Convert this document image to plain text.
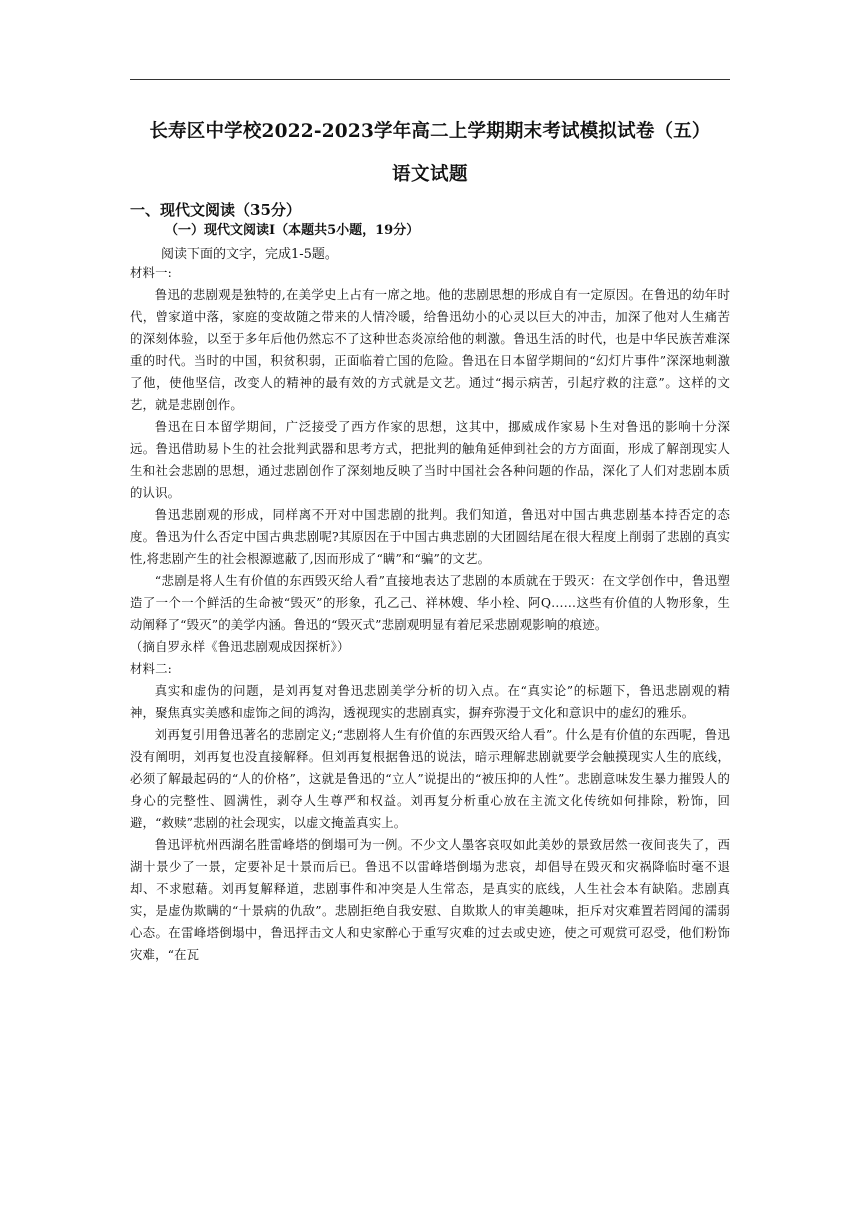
长寿区中学校2022-2023学年高二上学期期末考试模拟试卷（五）
语文试题
一、现代文阅读（35分）
（一）现代文阅读Ⅰ（本题共5小题，19分）
阅读下面的文字，完成1-5题。

材料一:

鲁迅的悲剧观是独特的,在美学史上占有一席之地。他的悲剧思想的形成自有一定原因。在鲁迅的幼年时代，曾家道中落，家庭的变故随之带来的人情冷暖，给鲁迅幼小的心灵以巨大的冲击，加深了他对人生痛苦的深刻体验，以至于多年后他仍然忘不了这种世态炎凉给他的刺激。鲁迅生活的时代，也是中华民族苦难深重的时代。当时的中国，积贫积弱，正面临着亡国的危险。鲁迅在日本留学期间的“幻灯片事件”深深地刺激了他，使他坚信，改变人的精神的最有效的方式就是文艺。通过“揭示病苦，引起疗救的注意”。这样的文艺，就是悲剧创作。

鲁迅在日本留学期间，广泛接受了西方作家的思想，这其中，挪威成作家易卜生对鲁迅的影响十分深远。鲁迅借助易卜生的社会批判武器和思考方式，把批判的触角延伸到社会的方方面面，形成了解剖现实人生和社会悲剧的思想，通过悲剧创作了深刻地反映了当时中国社会各种问题的作品，深化了人们对悲剧本质的认识。

鲁迅悲剧观的形成，同样离不开对中国悲剧的批判。我们知道，鲁迅对中国古典悲剧基本持否定的态度。鲁迅为什么否定中国古典悲剧呢?其原因在于中国古典悲剧的大团圆结尾在很大程度上削弱了悲剧的真实性,将悲剧产生的社会根源遮蔽了,因而形成了“瞒”和“骗”的文艺。

“悲剧是将人生有价值的东西毁灭给人看”直接地表达了悲剧的本质就在于毁灭：在文学创作中，鲁迅塑造了一个一个鲜活的生命被“毁灭”的形象，孔乙己、祥林嫂、华小栓、阿Q……这些有价值的人物形象，生动阐释了“毁灭”的美学内涵。鲁迅的“毁灭式”悲剧观明显有着尼采悲剧观影响的痕迹。

（摘自罗永样《鲁迅悲剧观成因探析》）

材料二:

真实和虚伪的问题，是刘再复对鲁迅悲剧美学分析的切入点。在“真实论”的标题下，鲁迅悲剧观的精神，聚焦真实美感和虚饰之间的鸿沟，透视现实的悲剧真实，摒弃弥漫于文化和意识中的虚幻的雅乐。

刘再复引用鲁迅著名的悲剧定义;“悲剧将人生有价值的东西毁灭给人看”。什么是有价值的东西呢，鲁迅没有阐明，刘再复也没直接解释。但刘再复根据鲁迅的说法，暗示理解悲剧就要学会触摸现实人生的底线，必须了解最起码的“人的价格”，这就是鲁迅的“立人”说提出的“被压抑的人性”。悲剧意味发生暴力摧毁人的身心的完整性、圆满性，剥夺人生尊严和权益。刘再复分析重心放在主流文化传统如何排除，粉饰，回避，“救赎”悲剧的社会现实，以虚文掩盖真实上。

鲁迅评杭州西湖名胜雷峰塔的倒塌可为一例。不少文人墨客哀叹如此美妙的景致居然一夜间丧失了，西湖十景少了一景，定要补足十景而后已。鲁迅不以雷峰塔倒塌为悲哀，却倡导在毁灭和灾祸降临时毫不退却、不求慰藉。刘再复解释道，悲剧事件和冲突是人生常态，是真实的底线，人生社会本有缺陷。悲剧真实，是虚伪欺瞒的“十景病的仇敌”。悲剧拒绝自我安慰、自欺欺人的审美趣味，拒斥对灾难置若罔闻的濡弱心态。在雷峰塔倒塌中，鲁迅抨击文人和史家醉心于重写灾难的过去或史迹，使之可观赏可忍受，他们粉饰灾难，“在瓦
